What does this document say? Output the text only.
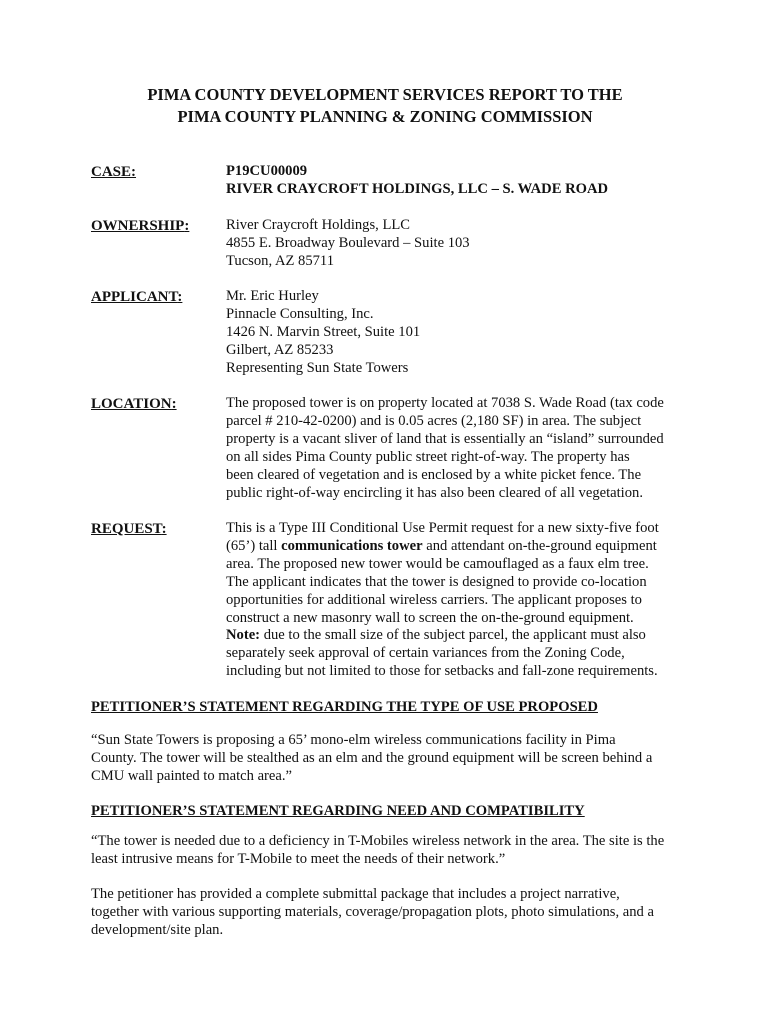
PIMA COUNTY DEVELOPMENT SERVICES REPORT TO THE
PIMA COUNTY PLANNING & ZONING COMMISSION
CASE:	P19CU00009
RIVER CRAYCROFT HOLDINGS, LLC – S. WADE ROAD
OWNERSHIP:	River Craycroft Holdings, LLC
4855 E. Broadway Boulevard – Suite 103
Tucson, AZ 85711
APPLICANT:	Mr. Eric Hurley
Pinnacle Consulting, Inc.
1426 N. Marvin Street, Suite 101
Gilbert, AZ 85233
Representing Sun State Towers
LOCATION:	The proposed tower is on property located at 7038 S. Wade Road (tax code
parcel # 210-42-0200) and is 0.05 acres (2,180 SF) in area. The subject
property is a vacant sliver of land that is essentially an “island” surrounded
on all sides Pima County public street right-of-way. The property has
been cleared of vegetation and is enclosed by a white picket fence. The
public right-of-way encircling it has also been cleared of all vegetation.
REQUEST:	This is a Type III Conditional Use Permit request for a new sixty-five foot
(65’) tall communications tower and attendant on-the-ground equipment
area. The proposed new tower would be camouflaged as a faux elm tree.
The applicant indicates that the tower is designed to provide co-location
opportunities for additional wireless carriers. The applicant proposes to
construct a new masonry wall to screen the on-the-ground equipment.
Note: due to the small size of the subject parcel, the applicant must also
separately seek approval of certain variances from the Zoning Code,
including but not limited to those for setbacks and fall-zone requirements.
PETITIONER’S STATEMENT REGARDING THE TYPE OF USE PROPOSED
“Sun State Towers is proposing a 65’ mono-elm wireless communications facility in Pima
County. The tower will be stealthed as an elm and the ground equipment will be screen behind a
CMU wall painted to match area.”
PETITIONER’S STATEMENT REGARDING NEED AND COMPATIBILITY
“The tower is needed due to a deficiency in T-Mobiles wireless network in the area. The site is the
least intrusive means for T-Mobile to meet the needs of their network.”
The petitioner has provided a complete submittal package that includes a project narrative,
together with various supporting materials, coverage/propagation plots, photo simulations, and a
development/site plan.
